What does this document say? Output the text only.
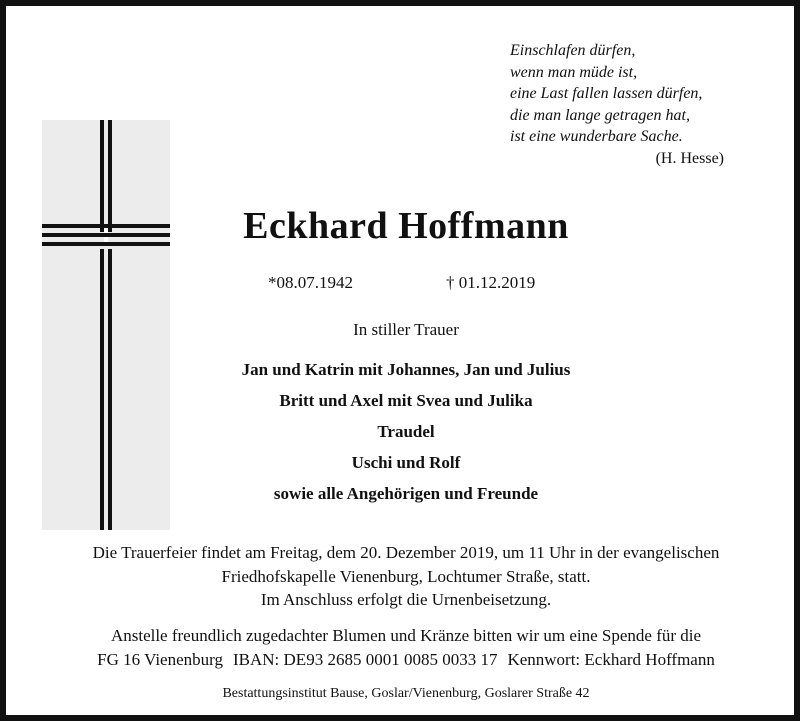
Einschlafen dürfen,
wenn man müde ist,
eine Last fallen lassen dürfen,
die man lange getragen hat,
ist eine wunderbare Sache.
(H. Hesse)
Eckhard Hoffmann
*08.07.1942	† 01.12.2019
In stiller Trauer
Jan und Katrin mit Johannes, Jan und Julius
Britt und Axel mit Svea und Julika
Traudel
Uschi und Rolf
sowie alle Angehörigen und Freunde
Die Trauerfeier findet am Freitag, dem 20. Dezember 2019, um 11 Uhr in der evangelischen
Friedhofskapelle Vienenburg, Lochtumer Straße, statt.
Im Anschluss erfolgt die Urnenbeisetzung.
Anstelle freundlich zugedachter Blumen und Kränze bitten wir um eine Spende für die
FG 16 Vienenburg IBAN: DE93 2685 0001 0085 0033 17 Kennwort: Eckhard Hoffmann
Bestattungsinstitut Bause, Goslar/Vienenburg, Goslarer Straße 42
